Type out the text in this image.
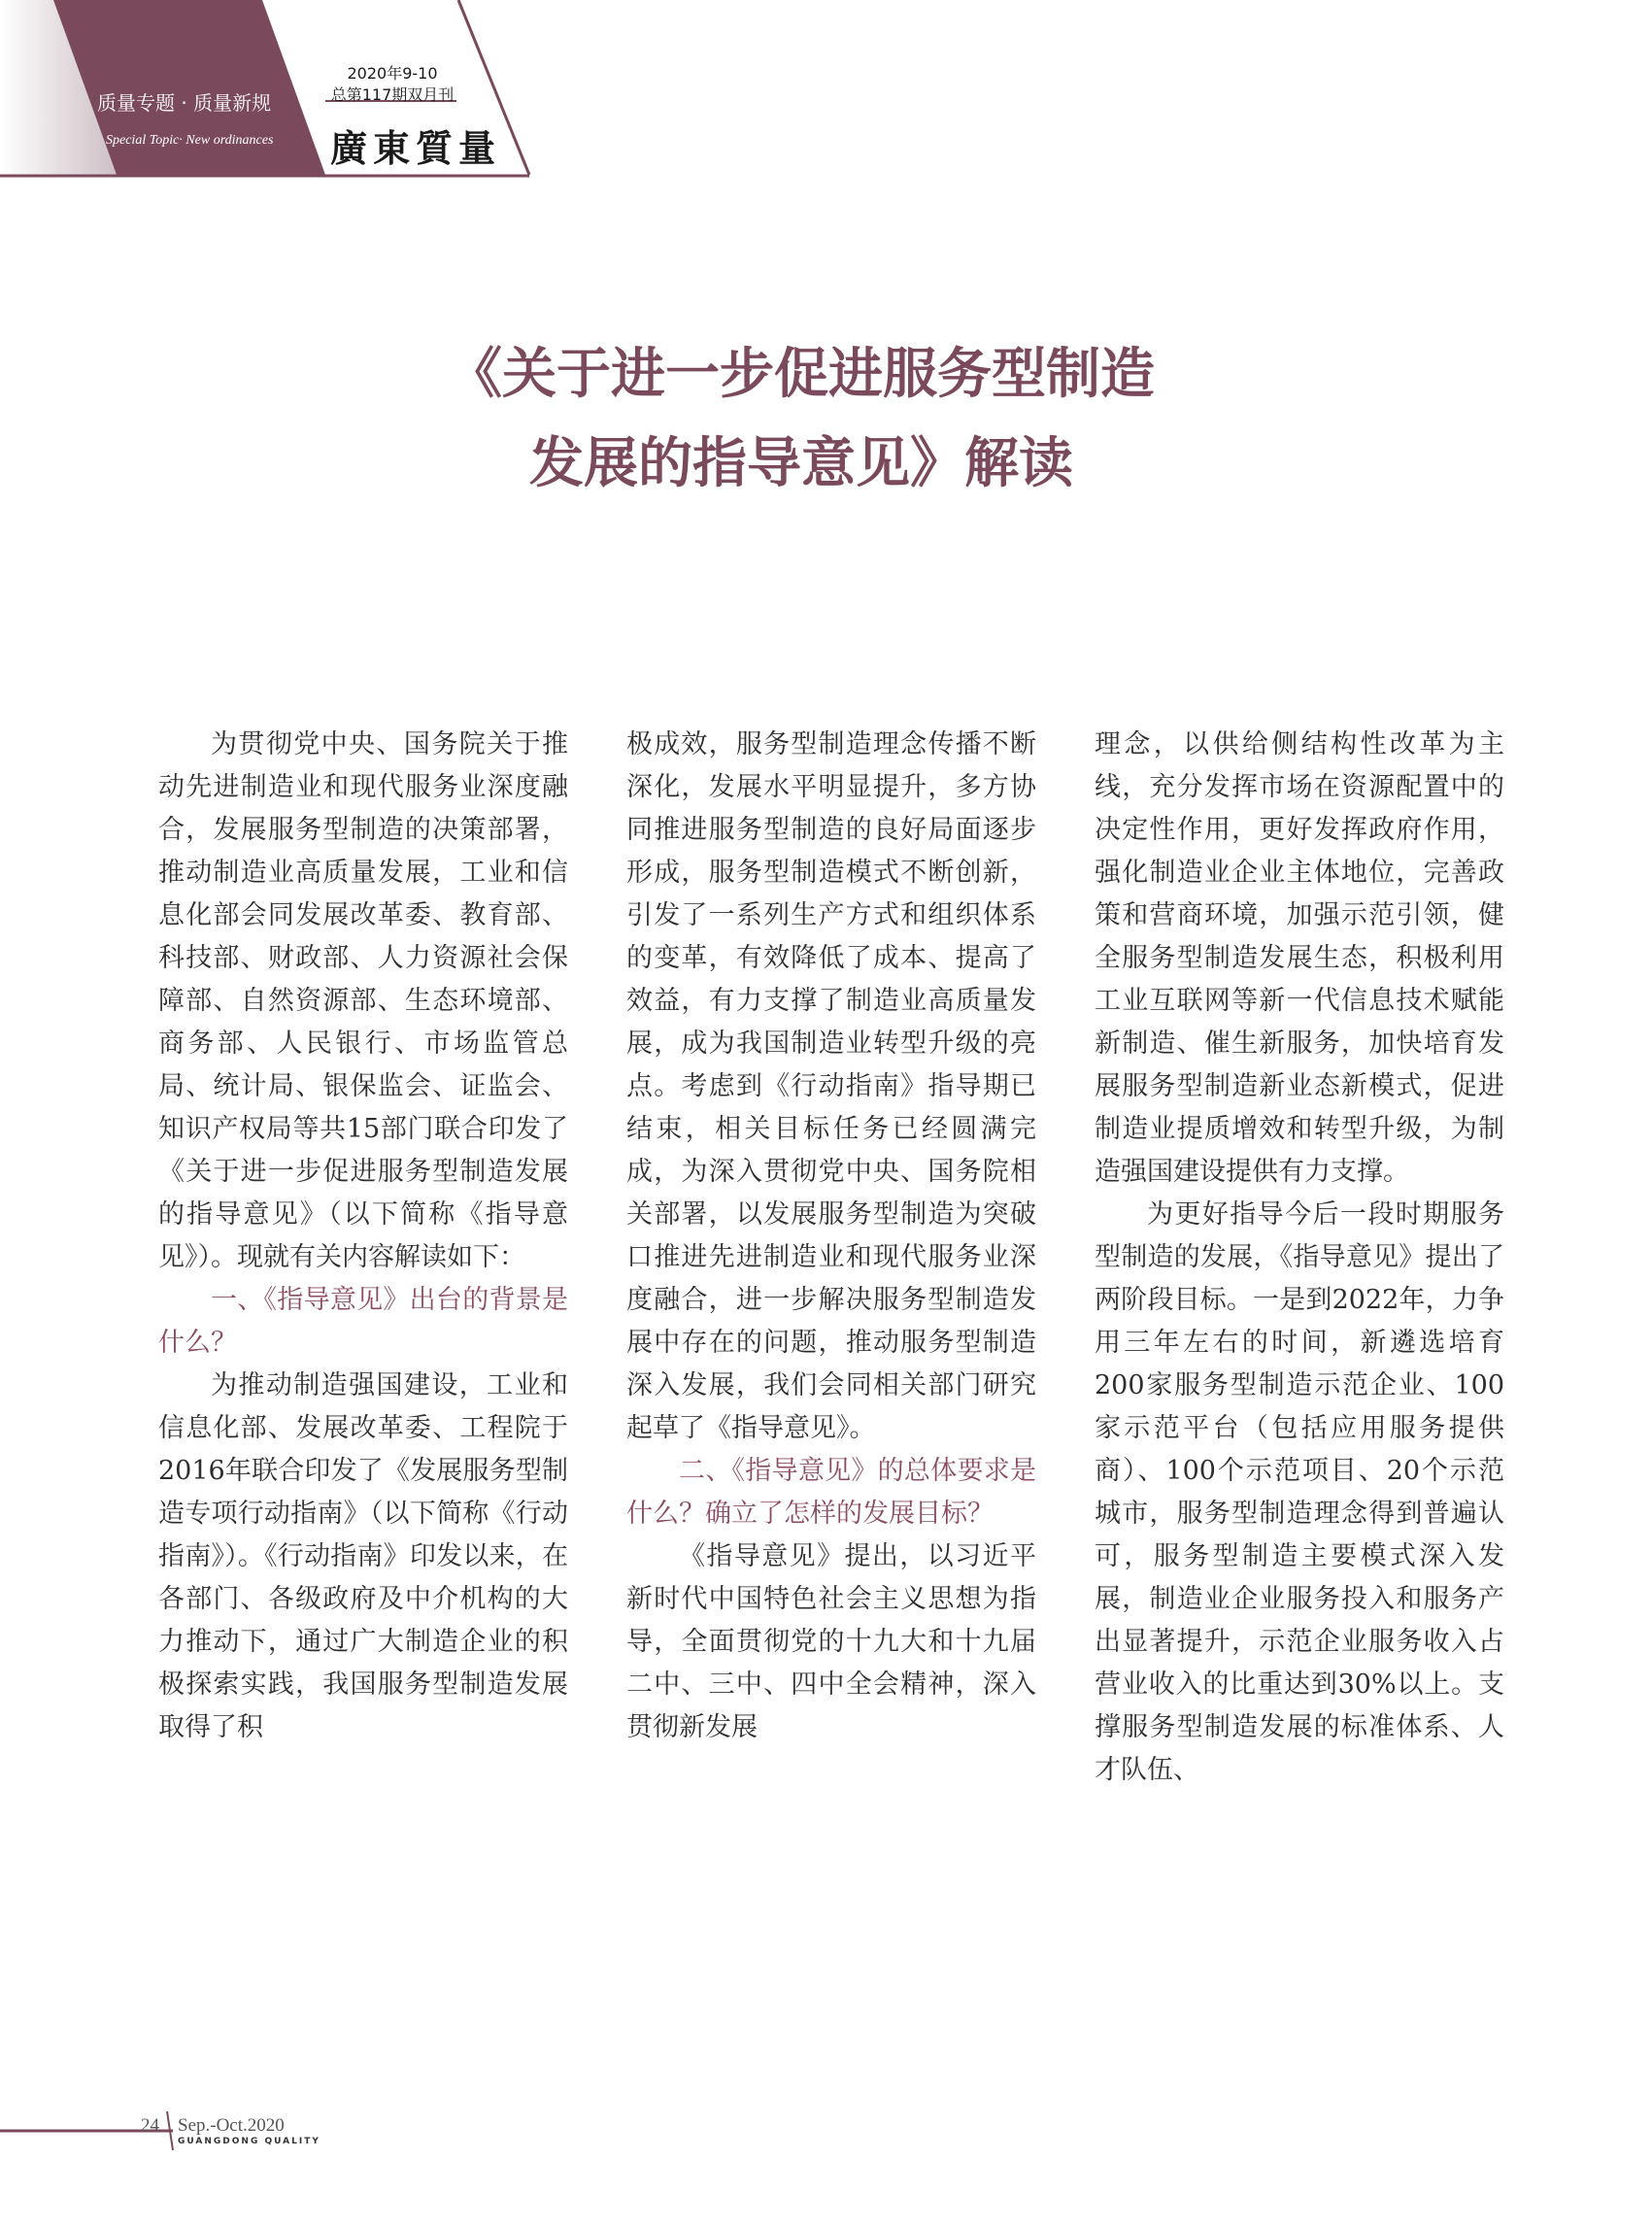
质量专题 · 质量新规
Special Topic· New ordinances
2020年9-10
总第117期双月刊
廣東質量
《关于进一步促进服务型制造
发展的指导意见》解读

为贯彻党中央、国务院关于推动先进制造业和现代服务业深度融合，发展服务型制造的决策部署，推动制造业高质量发展，工业和信息化部会同发展改革委、教育部、科技部、财政部、人力资源社会保障部、自然资源部、生态环境部、商务部、人民银行、市场监管总局、统计局、银保监会、证监会、知识产权局等共15部门联合印发了《关于进一步促进服务型制造发展的指导意见》（以下简称《指导意见》）。现就有关内容解读如下：

一、《指导意见》出台的背景是什么？

为推动制造强国建设，工业和信息化部、发展改革委、工程院于2016年联合印发了《发展服务型制造专项行动指南》（以下简称《行动指南》）。《行动指南》印发以来，在各部门、各级政府及中介机构的大力推动下，通过广大制造企业的积极探索实践，我国服务型制造发展取得了积

极成效，服务型制造理念传播不断深化，发展水平明显提升，多方协同推进服务型制造的良好局面逐步形成，服务型制造模式不断创新，引发了一系列生产方式和组织体系的变革，有效降低了成本、提高了效益，有力支撑了制造业高质量发展，成为我国制造业转型升级的亮点。考虑到《行动指南》指导期已结束，相关目标任务已经圆满完成，为深入贯彻党中央、国务院相关部署，以发展服务型制造为突破口推进先进制造业和现代服务业深度融合，进一步解决服务型制造发展中存在的问题，推动服务型制造深入发展，我们会同相关部门研究起草了《指导意见》。

二、《指导意见》的总体要求是什么？确立了怎样的发展目标？

《指导意见》提出，以习近平新时代中国特色社会主义思想为指导，全面贯彻党的十九大和十九届二中、三中、四中全会精神，深入贯彻新发展

理念，以供给侧结构性改革为主线，充分发挥市场在资源配置中的决定性作用，更好发挥政府作用，强化制造业企业主体地位，完善政策和营商环境，加强示范引领，健全服务型制造发展生态，积极利用工业互联网等新一代信息技术赋能新制造、催生新服务，加快培育发展服务型制造新业态新模式，促进制造业提质增效和转型升级，为制造强国建设提供有力支撑。

为更好指导今后一段时期服务型制造的发展，《指导意见》提出了两阶段目标。一是到2022年，力争用三年左右的时间，新遴选培育200家服务型制造示范企业、100家示范平台（包括应用服务提供商）、100个示范项目、20个示范城市，服务型制造理念得到普遍认可，服务型制造主要模式深入发展，制造业企业服务投入和服务产出显著提升，示范企业服务收入占营业收入的比重达到30%以上。支撑服务型制造发展的标准体系、人才队伍、

24 Sep.-Oct.2020
GUANGDONG QUALITY
